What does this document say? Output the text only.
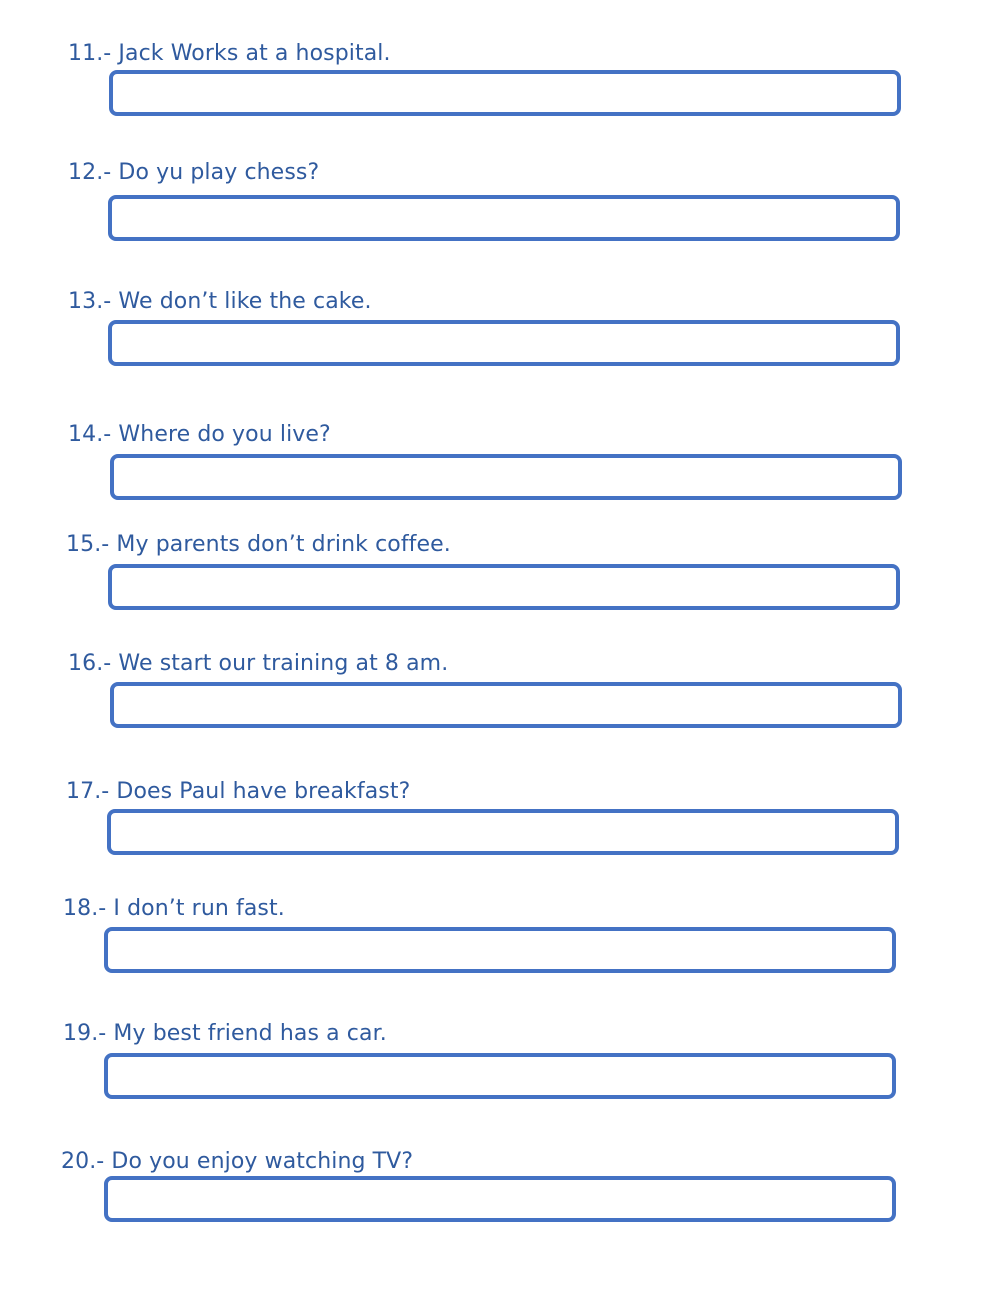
11.- Jack Works at a hospital.
12.- Do yu play chess?
13.- We don’t like the cake.
14.- Where do you live?
15.- My parents don’t drink coffee.
16.- We start our training at 8 am.
17.- Does Paul have breakfast?
18.- I don’t run fast.
19.- My best friend has a car.
20.- Do you enjoy watching TV?
